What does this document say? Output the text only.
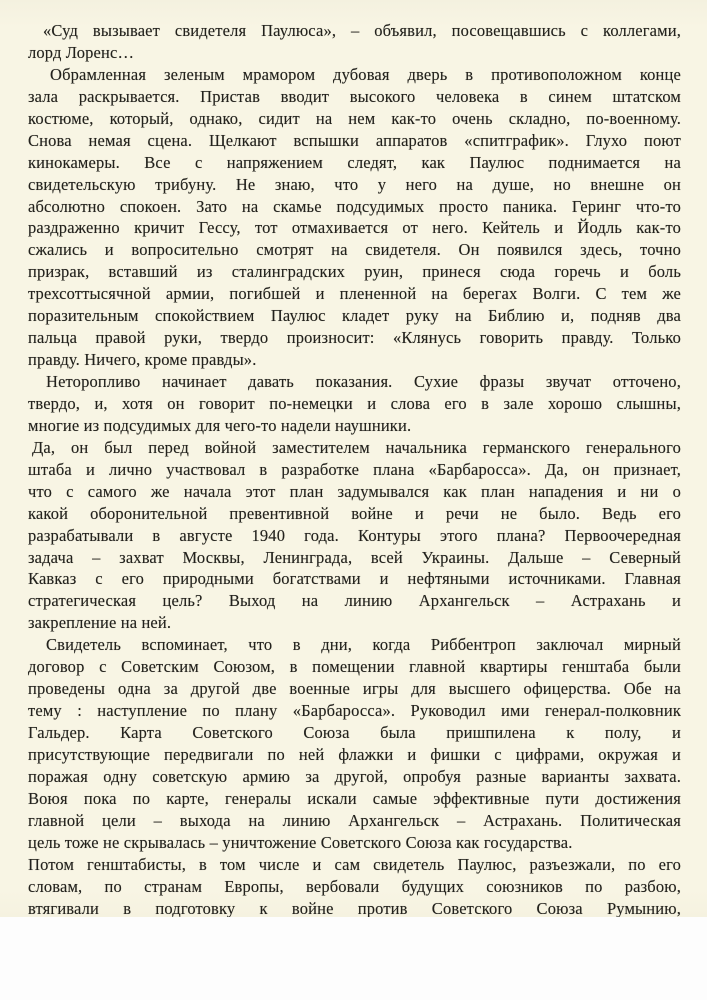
«Суд вызывает свидетеля Паулюса», – объявил, посовещавшись с коллегами,
лорд Лоренс…
Обрамленная зеленым мрамором дубовая дверь в противоположном конце
зала раскрывается. Пристав вводит высокого человека в синем штатском
костюме, который, однако, сидит на нем как-то очень складно, по-военному.
Снова немая сцена. Щелкают вспышки аппаратов «спитграфик». Глухо поют
кинокамеры. Все с напряжением следят, как Паулюс поднимается на
свидетельскую трибуну. Не знаю, что у него на душе, но внешне он
абсолютно спокоен. Зато на скамье подсудимых просто паника. Геринг что-то
раздраженно кричит Гессу, тот отмахивается от него. Кейтель и Йодль как-то
сжались и вопросительно смотрят на свидетеля. Он появился здесь, точно
призрак, вставший из сталинградских руин, принеся сюда горечь и боль
трехсоттысячной армии, погибшей и плененной на берегах Волги. С тем же
поразительным спокойствием Паулюс кладет руку на Библию и, подняв два
пальца правой руки, твердо произносит: «Клянусь говорить правду. Только
правду. Ничего, кроме правды».
Неторопливо начинает давать показания. Сухие фразы звучат отточено,
твердо, и, хотя он говорит по-немецки и слова его в зале хорошо слышны,
многие из подсудимых для чего-то надели наушники.
Да, он был перед войной заместителем начальника германского генерального
штаба и лично участвовал в разработке плана «Барбаросса». Да, он признает,
что с самого же начала этот план задумывался как план нападения и ни о
какой оборонительной превентивной войне и речи не было. Ведь его
разрабатывали в августе 1940 года. Контуры этого плана? Первоочередная
задача – захват Москвы, Ленинграда, всей Украины. Дальше – Северный
Кавказ с его природными богатствами и нефтяными источниками. Главная
стратегическая цель? Выход на линию Архангельск – Астрахань и
закрепление на ней.
Свидетель вспоминает, что в дни, когда Риббентроп заключал мирный
договор с Советским Союзом, в помещении главной квартиры генштаба были
проведены одна за другой две военные игры для высшего офицерства. Обе на
тему : наступление по плану «Барбаросса». Руководил ими генерал-полковник
Гальдер. Карта Советского Союза была пришпилена к полу, и
присутствующие передвигали по ней флажки и фишки с цифрами, окружая и
поражая одну советскую армию за другой, опробуя разные варианты захвата.
Воюя пока по карте, генералы искали самые эффективные пути достижения
главной цели – выхода на линию Архангельск – Астрахань. Политическая
цель тоже не скрывалась – уничтожение Советского Союза как государства.
Потом генштабисты, в том числе и сам свидетель Паулюс, разъезжали, по его
словам, по странам Европы, вербовали будущих союзников по разбою,
втягивали в подготовку к войне против Советского Союза Румынию,
